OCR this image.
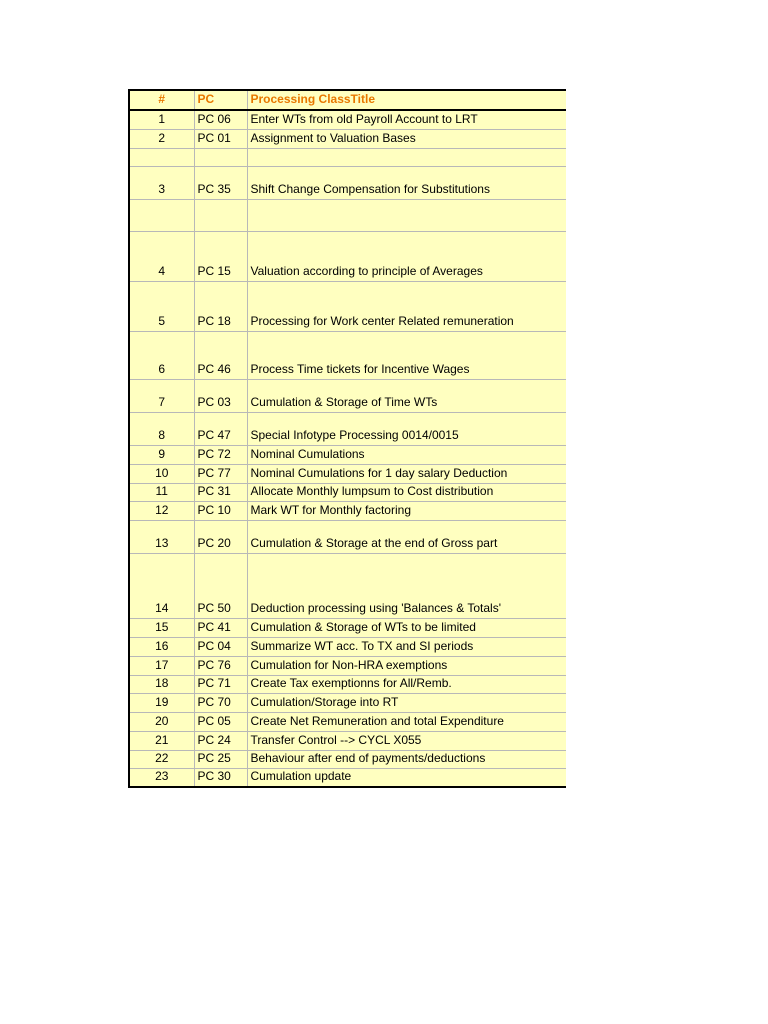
#	PC	Processing ClassTitle
1	PC 06	Enter WTs from old Payroll Account to LRT
2	PC 01	Assignment to Valuation Bases

3	PC 35	Shift Change Compensation for Substitutions

4	PC 15	Valuation according to principle of Averages
5	PC 18	Processing for Work center Related remuneration
6	PC 46	Process Time tickets for Incentive Wages
7	PC 03	Cumulation & Storage of Time WTs
8	PC 47	Special Infotype Processing 0014/0015
9	PC 72	Nominal Cumulations
10	PC 77	Nominal Cumulations for 1 day salary Deduction
11	PC 31	Allocate Monthly lumpsum to Cost distribution
12	PC 10	Mark WT for Monthly factoring
13	PC 20	Cumulation & Storage at the end of Gross part
14	PC 50	Deduction processing using 'Balances & Totals'
15	PC 41	Cumulation & Storage of WTs to be limited
16	PC 04	Summarize WT acc. To TX and SI periods
17	PC 76	Cumulation for Non-HRA exemptions
18	PC 71	Create Tax exemptionns for All/Remb.
19	PC 70	Cumulation/Storage into RT
20	PC 05	Create Net Remuneration and total Expenditure
21	PC 24	Transfer Control --> CYCL X055
22	PC 25	Behaviour after end of payments/deductions
23	PC 30	Cumulation update
